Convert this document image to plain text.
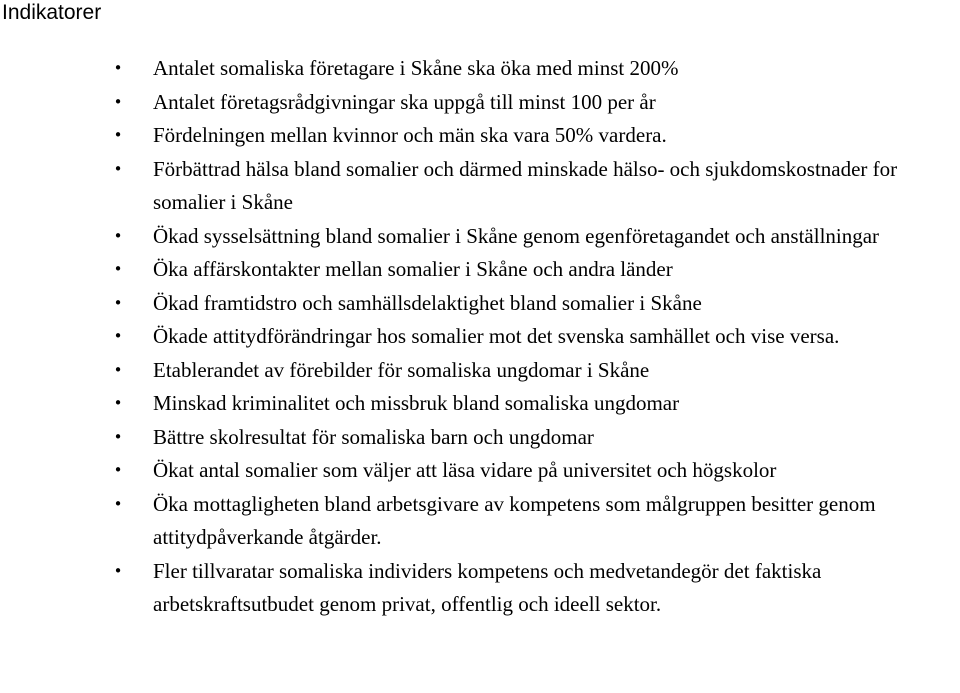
Indikatorer
• Antalet somaliska företagare i Skåne ska öka med minst 200%
• Antalet företagsrådgivningar ska uppgå till minst 100 per år
• Fördelningen mellan kvinnor och män ska vara 50% vardera.
• Förbättrad hälsa bland somalier och därmed minskade hälso- och sjukdomskostnader for somalier i Skåne
• Ökad sysselsättning bland somalier i Skåne genom egenföretagandet och anställningar
• Öka affärskontakter mellan somalier i Skåne och andra länder
• Ökad framtidstro och samhällsdelaktighet bland somalier i Skåne
• Ökade attitydförändringar hos somalier mot det svenska samhället och vise versa.
• Etablerandet av förebilder för somaliska ungdomar i Skåne
• Minskad kriminalitet och missbruk bland somaliska ungdomar
• Bättre skolresultat för somaliska barn och ungdomar
• Ökat antal somalier som väljer att läsa vidare på universitet och högskolor
• Öka mottagligheten bland arbetsgivare av kompetens som målgruppen besitter genom attitydpåverkande åtgärder.
• Fler tillvaratar somaliska individers kompetens och medvetandegör det faktiska arbetskraftsutbudet genom privat, offentlig och ideell sektor.
